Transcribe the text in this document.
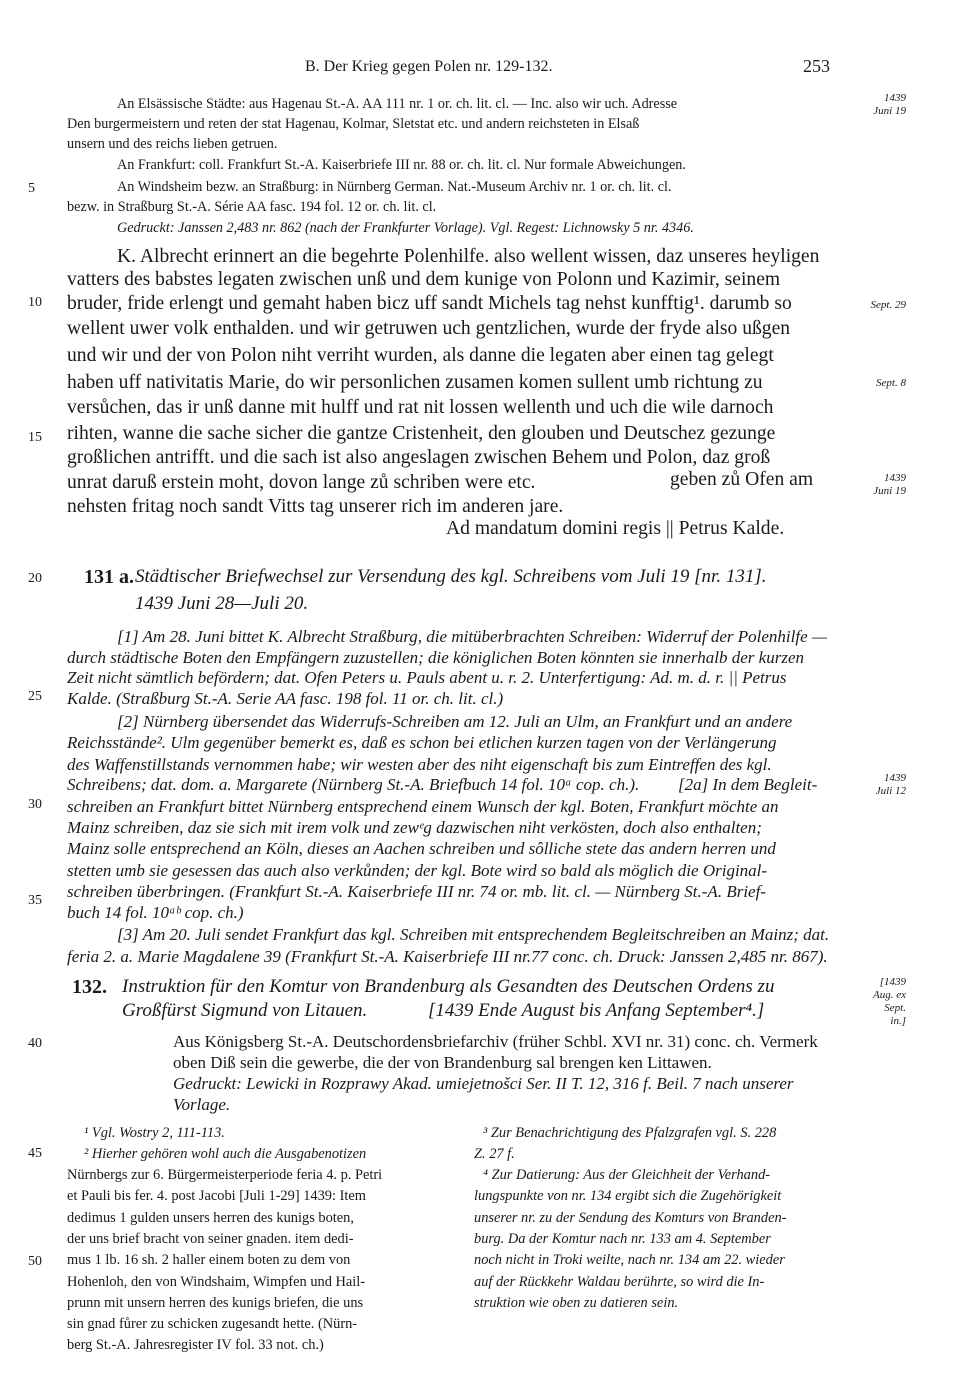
B. Der Krieg gegen Polen nr. 129-132.	253
5
10
15
20
25
30
35
40
45
50
1439
Juni 19
Sept. 29
Sept. 8
1439
Juni 19
1439
Juli 12
[1439
Aug. ex
Sept.
in.]
An Elsässische Städte: aus Hagenau St.-A. AA 111 nr. 1 or. ch. lit. cl. — Inc. also wir uch. Adresse
Den burgermeistern und reten der stat Hagenau, Kolmar, Sletstat etc. und andern reichsteten in Elsaß
unsern und des reichs lieben getruen.
An Frankfurt: coll. Frankfurt St.-A. Kaiserbriefe III nr. 88 or. ch. lit. cl. Nur formale Abweichungen.
An Windsheim bezw. an Straßburg: in Nürnberg German. Nat.-Museum Archiv nr. 1 or. ch. lit. cl.
bezw. in Straßburg St.-A. Série AA fasc. 194 fol. 12 or. ch. lit. cl.
Gedruckt: Janssen 2,483 nr. 862 (nach der Frankfurter Vorlage). Vgl. Regest: Lichnowsky 5 nr. 4346.
K. Albrecht erinnert an die begehrte Polenhilfe. also wellent wissen, daz unseres heyligen
vatters des babstes legaten zwischen unß und dem kunige von Polonn und Kazimir, seinem
bruder, fride erlengt und gemaht haben bicz uff sandt Michels tag nehst kunfftig¹. darumb so
wellent uwer volk enthalden. und wir getruwen uch gentzlichen, wurde der fryde also ußgen
und wir und der von Polon niht verriht wurden, als danne die legaten aber einen tag gelegt
haben uff nativitatis Marie, do wir personlichen zusamen komen sullent umb richtung zu
versůchen, das ir unß danne mit hulff und rat nit lossen wellenth und uch die wile darnoch
rihten, wanne die sache sicher die gantze Cristenheit, den glouben und Deutschez gezunge
großlichen antrifft. und die sach ist also angeslagen zwischen Behem und Polon, daz groß
unrat daruß erstein moht, dovon lange zů schriben were etc.	geben zů Ofen am
nehsten fritag noch sandt Vitts tag unserer rich im anderen jare.
Ad mandatum domini regis || Petrus Kalde.
131 a. Städtischer Briefwechsel zur Versendung des kgl. Schreibens vom Juli 19 [nr. 131].
1439 Juni 28—Juli 20.
[1] Am 28. Juni bittet K. Albrecht Straßburg, die mitüberbrachten Schreiben: Widerruf der Polenhilfe —
durch städtische Boten den Empfängern zuzustellen; die königlichen Boten könnten sie innerhalb der kurzen
Zeit nicht sämtlich befördern; dat. Ofen Peters u. Pauls abent u. r. 2. Unterfertigung: Ad. m. d. r. || Petrus
Kalde. (Straßburg St.-A. Serie AA fasc. 198 fol. 11 or. ch. lit. cl.)
[2] Nürnberg übersendet das Widerrufs-Schreiben am 12. Juli an Ulm, an Frankfurt und an andere
Reichsstände². Ulm gegenüber bemerkt es, daß es schon bei etlichen kurzen tagen von der Verlängerung
des Waffenstillstands vernommen habe; wir westen aber des niht eigenschaft bis zum Eintreffen des kgl.
Schreibens; dat. dom. a. Margarete (Nürnberg St.-A. Briefbuch 14 fol. 10ᵃ cop. ch.). [2a] In dem Begleit-
schreiben an Frankfurt bittet Nürnberg entsprechend einem Wunsch der kgl. Boten, Frankfurt möchte an
Mainz schreiben, daz sie sich mit irem volk und zewᵉg dazwischen niht verkösten, doch also enthalten;
Mainz solle entsprechend an Köln, dieses an Aachen schreiben und sôlliche stete das andern herren und
stetten umb sie gesessen das auch also verkůnden; der kgl. Bote wird so bald als möglich die Original-
schreiben überbringen. (Frankfurt St.-A. Kaiserbriefe III nr. 74 or. mb. lit. cl. — Nürnberg St.-A. Brief-
buch 14 fol. 10ᵃᵇ cop. ch.)
[3] Am 20. Juli sendet Frankfurt das kgl. Schreiben mit entsprechendem Begleitschreiben an Mainz; dat.
feria 2. a. Marie Magdalene 39 (Frankfurt St.-A. Kaiserbriefe III nr.77 conc. ch. Druck: Janssen 2,485 nr. 867).
132. Instruktion für den Komtur von Brandenburg als Gesandten des Deutschen Ordens zu
Großfürst Sigmund von Litauen.	[1439 Ende August bis Anfang September⁴.]
Aus Königsberg St.-A. Deutschordensbriefarchiv (früher Schbl. XVI nr. 31) conc. ch. Vermerk
oben Diß sein die gewerbe, die der von Brandenburg sal brengen ken Littawen.
Gedruckt: Lewicki in Rozprawy Akad. umiejetnošci Ser. II T. 12, 316 f. Beil. 7 nach unserer
Vorlage.
¹ Vgl. Wostry 2, 111-113.
² Hierher gehören wohl auch die Ausgabenotizen
Nürnbergs zur 6. Bürgermeisterperiode feria 4. p. Petri
et Pauli bis fer. 4. post Jacobi [Juli 1-29] 1439: Item
dedimus 1 gulden unsers herren des kunigs boten,
der uns brief bracht von seiner gnaden. item dedi-
mus 1 lb. 16 sh. 2 haller einem boten zu dem von
Hohenloh, den von Windshaim, Wimpfen und Hail-
prunn mit unsern herren des kunigs briefen, die uns
sin gnad fůrer zu schicken zugesandt hette. (Nürn-
berg St.-A. Jahresregister IV fol. 33 not. ch.)
³ Zur Benachrichtigung des Pfalzgrafen vgl. S. 228
Z. 27 f.
⁴ Zur Datierung: Aus der Gleichheit der Verhand-
lungspunkte von nr. 134 ergibt sich die Zugehörigkeit
unserer nr. zu der Sendung des Komturs von Branden-
burg. Da der Komtur nach nr. 133 am 4. September
noch nicht in Troki weilte, nach nr. 134 am 22. wieder
auf der Rückkehr Waldau berührte, so wird die In-
struktion wie oben zu datieren sein.
